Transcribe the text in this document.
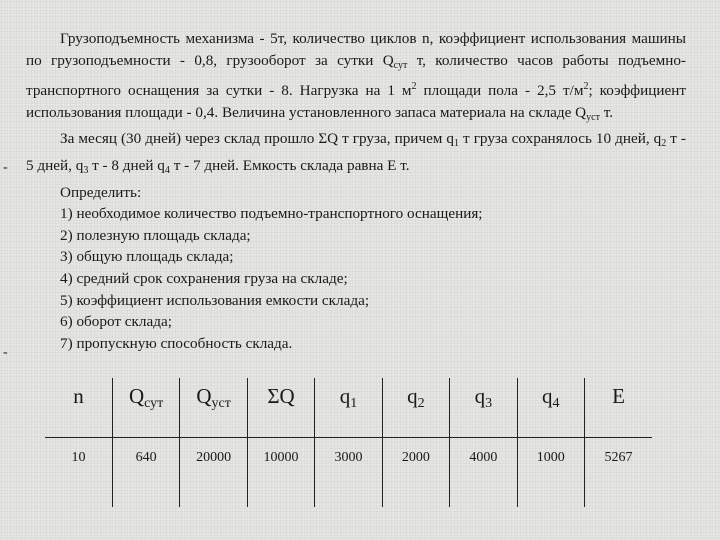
-
-

Грузоподъемность механизма - 5т, количество циклов n, коэффициент использования машины по грузоподъемности - 0,8, грузооборот за сутки $Q_{сут}$ т, количество часов работы подъемно-транспортного оснащения за сутки - 8. Нагрузка на 1 $м^2$ площади пола - 2,5 $т/м^2$; коэффициент использования площади - 0,4. Величина установленного запаса материала на складе $Q_{уст}$ т.

За месяц (30 дней) через склад прошло ΣQ т груза, причем $q_1$ т груза сохранялось 10 дней, $q_2$ т - 5 дней, $q_3$ т - 8 дней $q_4$ т - 7 дней. Емкость склада равна Е т.

Определить:

1) необходимое количество подъемно-транспортного оснащения;

2) полезную площадь склада;

3) общую площадь склада;

4) средний срок сохранения груза на складе;

5) коэффициент использования емкости склада;

6) оборот склада;

7) пропускную способность склада.

n	Qсут	Qуст	ΣQ	q1	q2	q3	q4	E
10	640	20000	10000	3000	2000	4000	1000	5267
